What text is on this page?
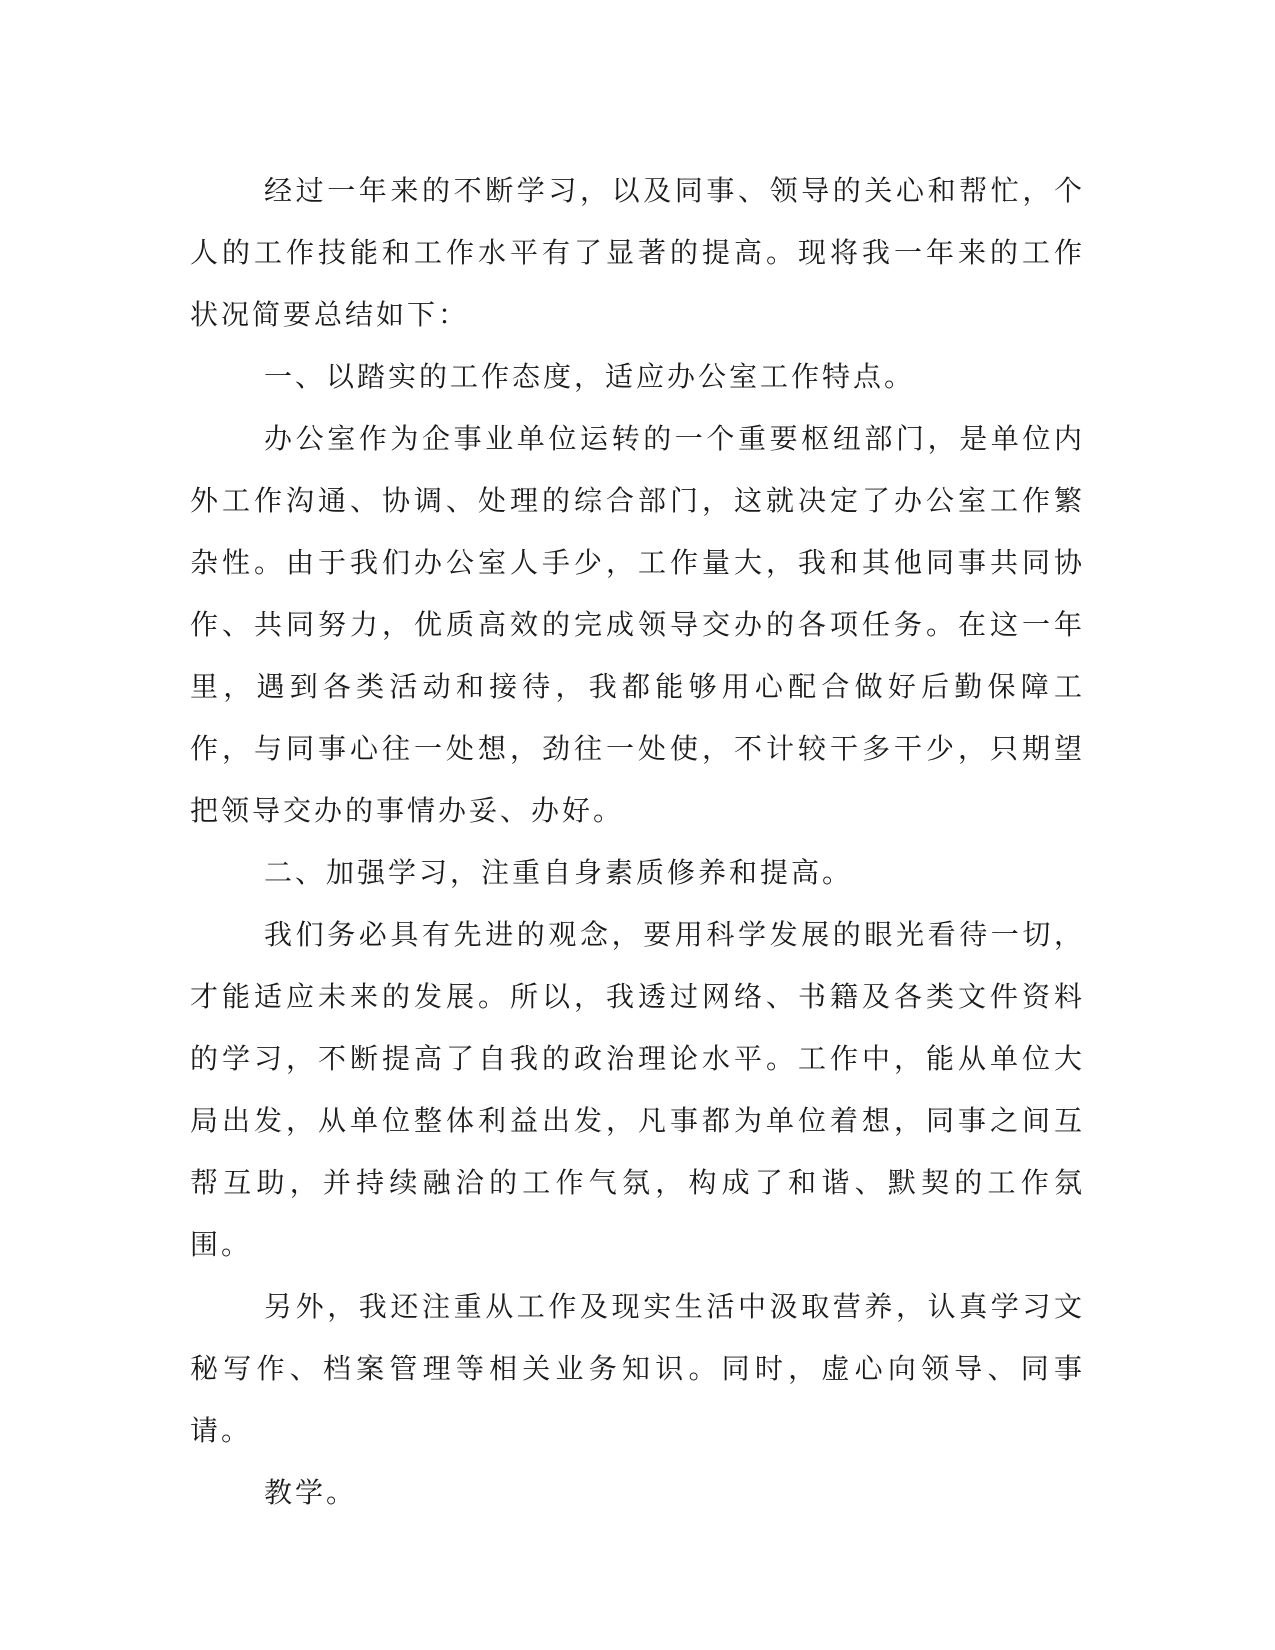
经过一年来的不断学习，以及同事、领导的关心和帮忙，个人的工作技能和工作水平有了显著的提高。现将我一年来的工作状况简要总结如下：

一、以踏实的工作态度，适应办公室工作特点。

办公室作为企事业单位运转的一个重要枢纽部门，是单位内外工作沟通、协调、处理的综合部门，这就决定了办公室工作繁杂性。由于我们办公室人手少，工作量大，我和其他同事共同协作、共同努力，优质高效的完成领导交办的各项任务。在这一年里，遇到各类活动和接待，我都能够用心配合做好后勤保障工作，与同事心往一处想，劲往一处使，不计较干多干少，只期望把领导交办的事情办妥、办好。

二、加强学习，注重自身素质修养和提高。

我们务必具有先进的观念，要用科学发展的眼光看待一切，才能适应未来的发展。所以，我透过网络、书籍及各类文件资料的学习，不断提高了自我的政治理论水平。工作中，能从单位大局出发，从单位整体利益出发，凡事都为单位着想，同事之间互帮互助，并持续融洽的工作气氛，构成了和谐、默契的工作氛围。

另外，我还注重从工作及现实生活中汲取营养，认真学习文秘写作、档案管理等相关业务知识。同时，虚心向领导、同事请。

教学。
